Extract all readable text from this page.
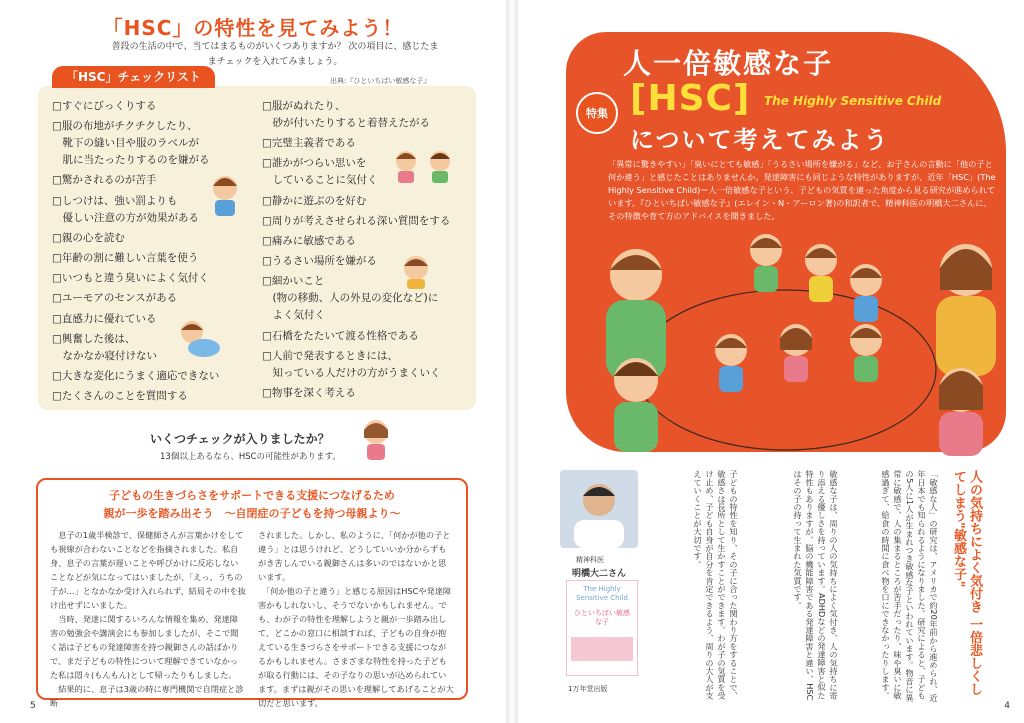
「HSC」の特性を見てみよう！
普段の生活の中で、当てはまるものがいくつありますか？ 次の項目に、感じたままチェックを入れてみましょう。
「HSC」チェックリスト	出典:『ひといちばい敏感な子』
□すぐにびっくりする
□服の布地がチクチクしたり、
　靴下の縫い目や服のラベルが
　肌に当たったりするのを嫌がる
□驚かされるのが苦手
□しつけは、強い罰よりも
　優しい注意の方が効果がある
□親の心を読む
□年齢の割に難しい言葉を使う
□いつもと違う臭いによく気付く
□ユーモアのセンスがある
□直感力に優れている
□興奮した後は、
　なかなか寝付けない
□大きな変化にうまく適応できない
□たくさんのことを質問する
□服がぬれたり、
　砂が付いたりすると着替えたがる
□完璧主義者である
□誰かがつらい思いを
　していることに気付く
□静かに遊ぶのを好む
□周りが考えさせられる深い質問をする
□痛みに敏感である
□うるさい場所を嫌がる
□細かいこと
　(物の移動、人の外見の変化など)に
　よく気付く
□石橋をたたいて渡る性格である
□人前で発表するときには、
　知っている人だけの方がうまくいく
□物事を深く考える
いくつチェックが入りましたか？
13個以上あるなら、HSCの可能性があります。
子どもの生きづらさをサポートできる支援につなげるため
親が一歩を踏み出そう　～自閉症の子どもを持つ母親より～
　息子の1歳半検診で、保健師さんが言葉かけをしても視線が合わないことなどを指摘されました。私自身、息子の言葉が遅いことや呼びかけに反応しないことなどが気になってはいましたが、「えっ、うちの子が…」となかなか受け入れられず、結局その中を抜け出せずにいました。
　当時、発達に関するいろんな情報を集め、発達障害の勉強会や講演会にも参加しましたが、そこで聞く話は子どもの発達障害を持つ親御さんの話ばかりで、まだ子どもの特性について理解できていなかった私は悶々(もんもん)として帰ったりもしました。
　結果的に、息子は3歳の時に専門機関で自閉症と診断
されました。しかし、私のように、「何かが他の子と違う」とは思うけれど、どうしていいか分からずもがき苦しんでいる親御さんは多いのではないかと思います。
　「何か他の子と違う」と感じる原因はHSCや発達障害かもしれないし、そうでないかもしれません。でも、わが子の特性を理解しようと親が一歩踏み出して、どこかの窓口に相談すれば、子どもの自身が抱えている生きづらさをサポートできる支援につながるかもしれません。さまざまな特性を持った子どもが取る行動には、その子なりの思いが込められています。まずは親がその思いを理解してあげることが大切だと思います。
5
特集
人一倍敏感な子
[HSC] The Highly Sensitive Child
について考えてみよう
「異常に驚きやすい」「臭いにとても敏感」「うるさい場所を嫌がる」など、お子さんの言動に「他の子と何か違う」と感じたことはありませんか。発達障害にも同じような特性がありますが、近年「HSC」(The Highly Sensitive Child)＝人一倍敏感な子という、子どもの気質を違った角度から見る研究が進められています。『ひといちばい敏感な子』(エレイン・N・アーロン著)の和訳者で、精神科医の明橋大二さんに、その特徴や育て方のアドバイスを聞きました。
精神科医
明橋大二さん
The Highly Sensitive Child
ひといちばい敏感な子
1万年堂出版	人の気持ちによく気付き 一倍悲しくしてしまう"敏感な子"
「敏感な人」の研究は、アメリカで約20年前から進められ、近年日本でも知られるようになりました。研究によると、子どもの5人に1人が生まれつき敏感な子といわれています。物音に異常に敏感で、人の集まるところが苦手だったり、味や臭いに敏感過ぎて、給食の時間に食べ物を口にできなかったりします。
敏感な子は、周りの人の気持ちによく気付き、人の気持ちに寄り添える優しさを持っています。ADHDなどの発達障害と似た特性もありますが、脳の機能障害である発達障害と違い、HSCはその子の持って生まれた気質です。
子どもの特性を知り、その子に合った関わり方をすることで、敏感さは長所として生かすことができます。わが子の気質を受け止め、子ども自身が自分を肯定できるよう、周りの大人が支えていくことが大切です。
4
